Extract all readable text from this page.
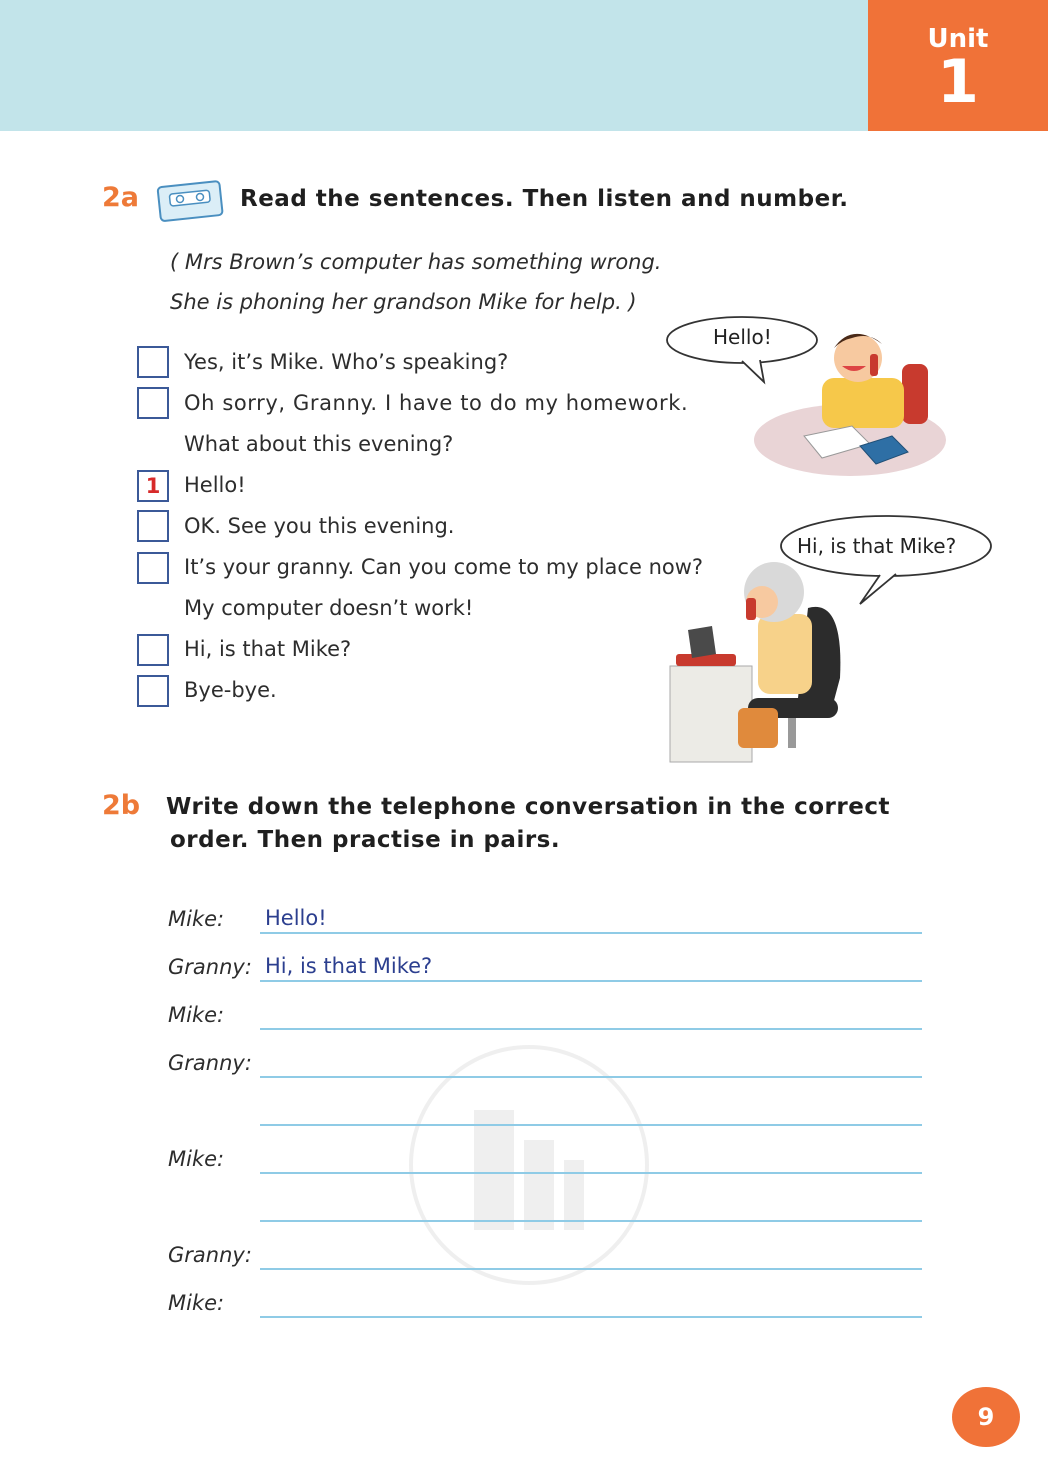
Unit
1
2a	Read the sentences. Then listen and number.
( Mrs Brown’s computer has something wrong.
She is phoning her grandson Mike for help. )
Yes, it’s Mike. Who’s speaking?
Oh sorry, Granny. I have to do my homework.
What about this evening?
1	Hello!
OK. See you this evening.
It’s your granny. Can you come to my place now?
My computer doesn’t work!
Hi, is that Mike?
Bye-bye.
Hello!
Hi, is that Mike?
2b Write down the telephone conversation in the correct
order. Then practise in pairs.
Mike: Hello!
Granny: Hi, is that Mike?
Mike:
Granny:
Mike:
Granny:
Mike:
9
